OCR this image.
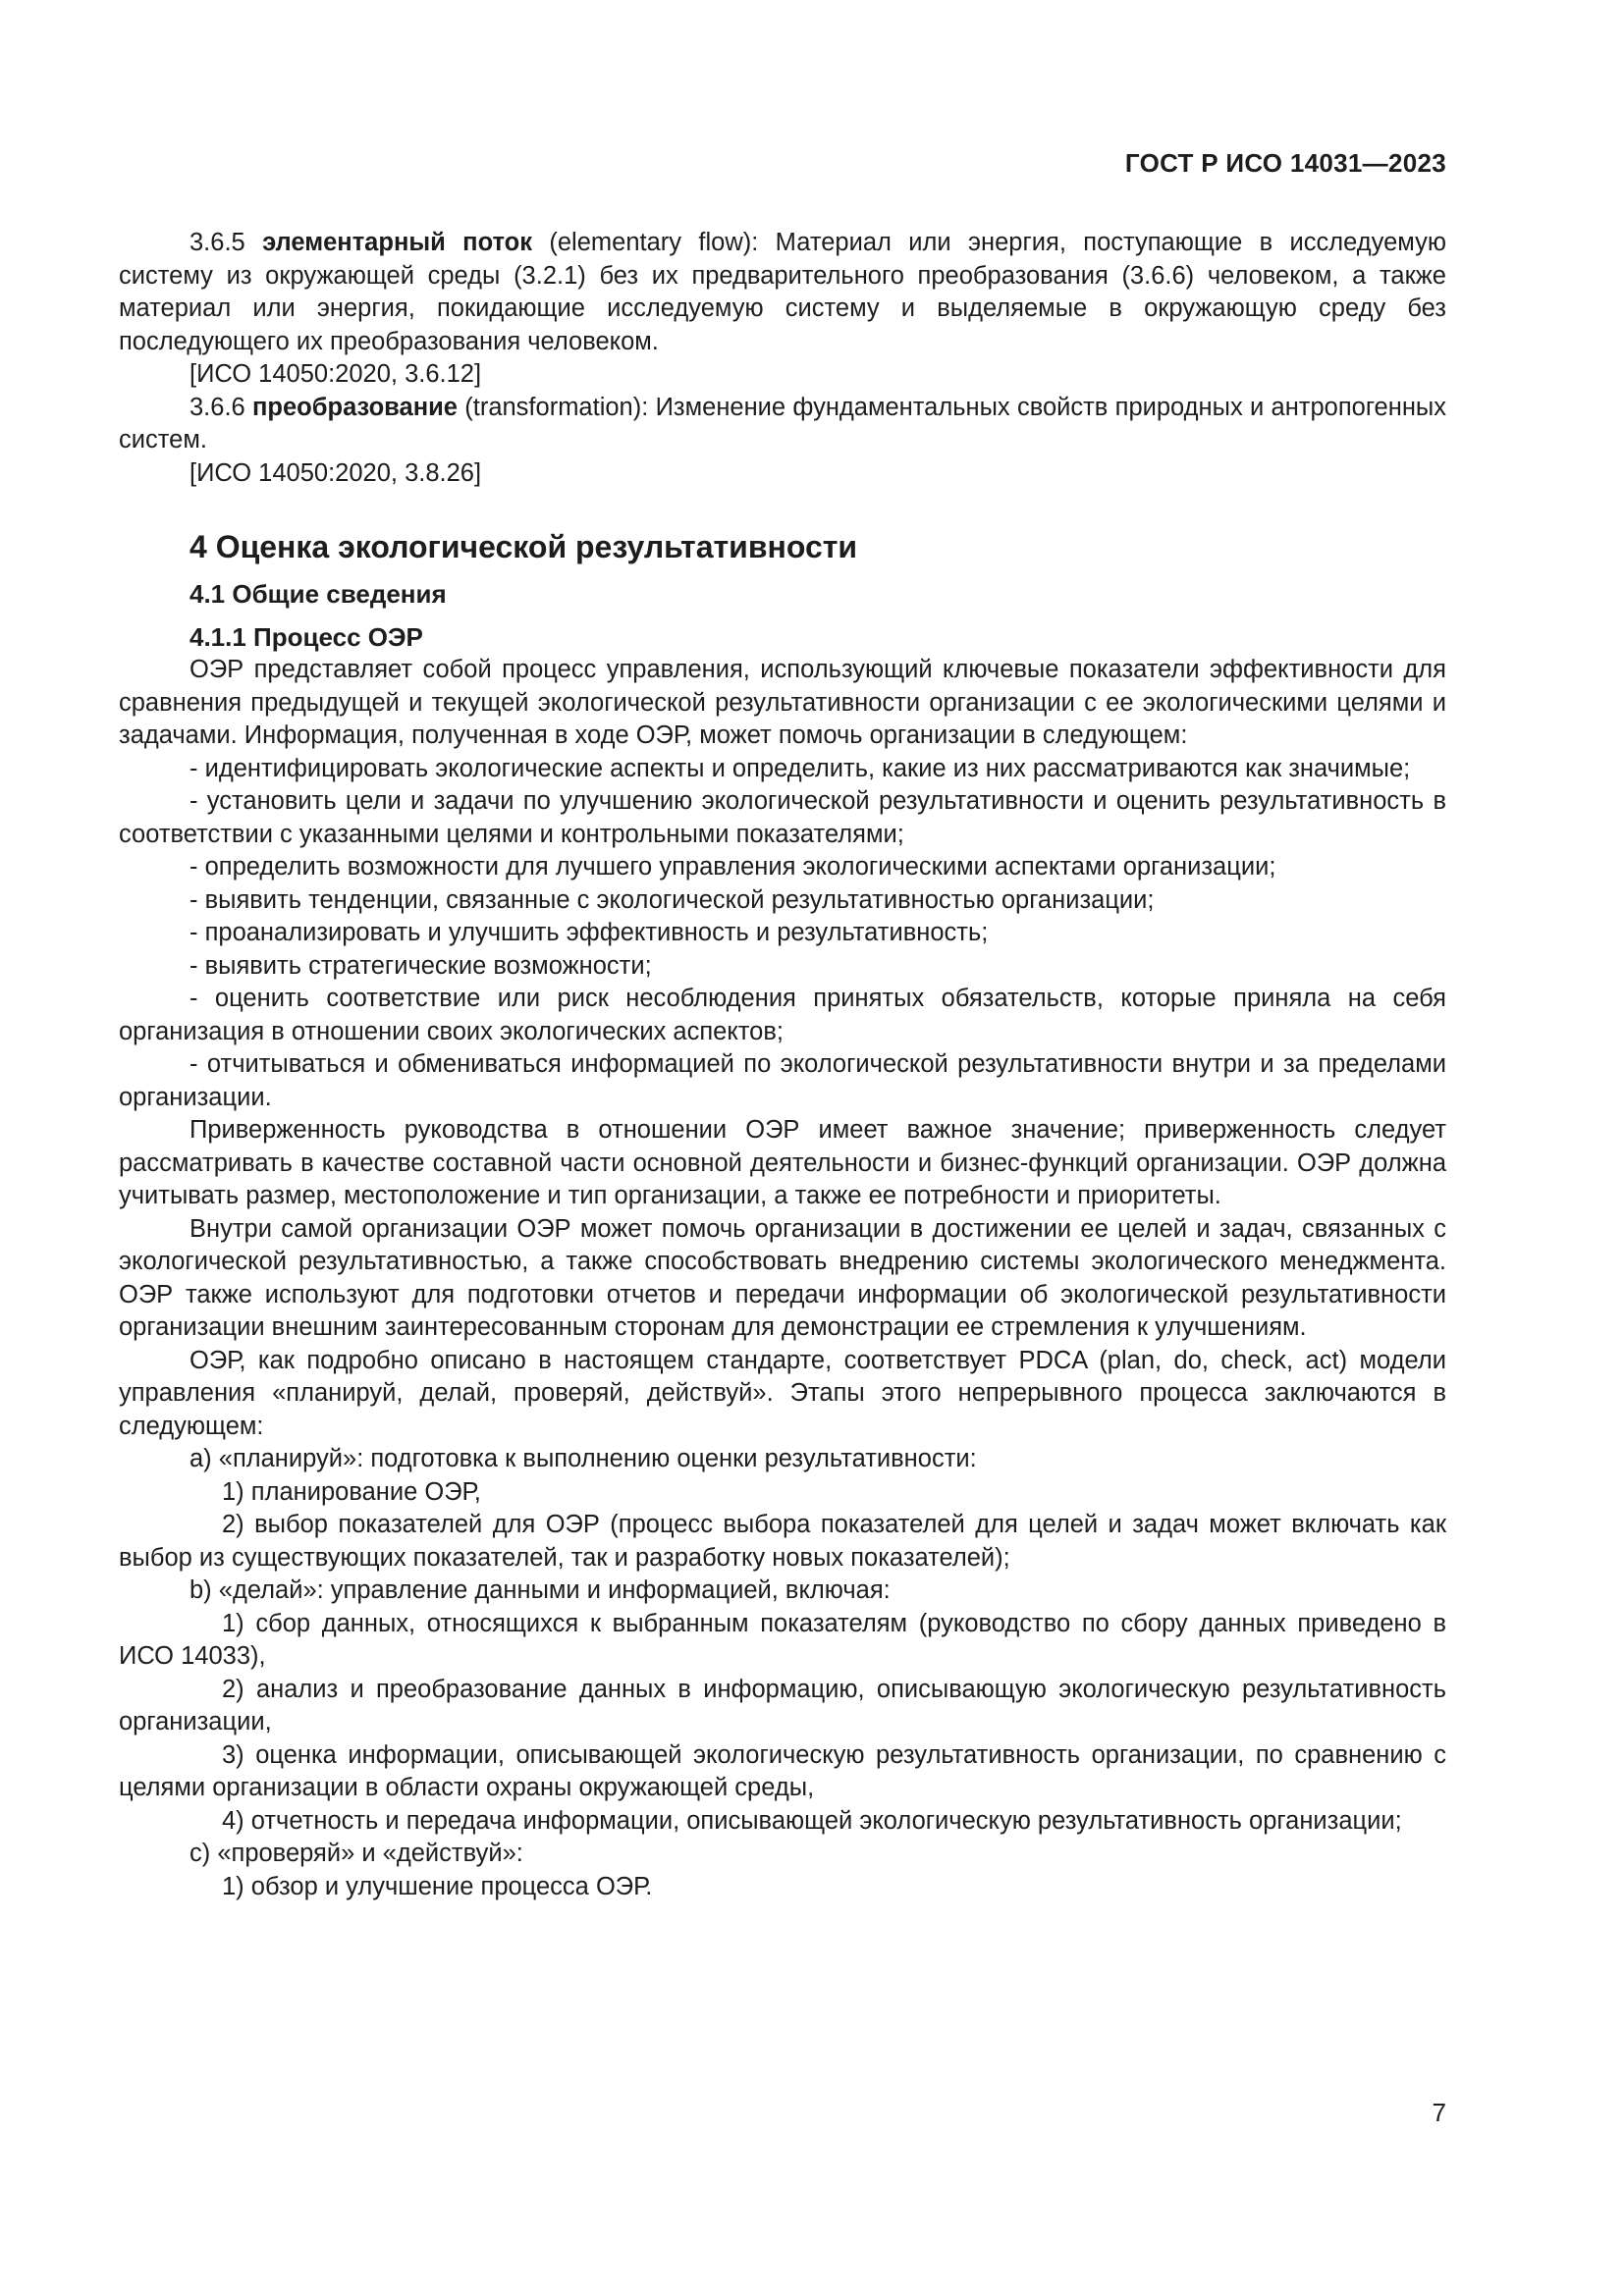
ГОСТ Р ИСО 14031—2023

3.6.5 элементарный поток (elementary flow): Материал или энергия, поступающие в исследуемую систему из окружающей среды (3.2.1) без их предварительного преобразования (3.6.6) человеком, а также материал или энергия, покидающие исследуемую систему и выделяемые в окружающую среду без последующего их преобразования человеком.

[ИСО 14050:2020, 3.6.12]

3.6.6 преобразование (transformation): Изменение фундаментальных свойств природных и антропогенных систем.

[ИСО 14050:2020, 3.8.26]

4 Оценка экологической результативности
4.1 Общие сведения
4.1.1 Процесс ОЭР

ОЭР представляет собой процесс управления, использующий ключевые показатели эффективности для сравнения предыдущей и текущей экологической результативности организации с ее экологическими целями и задачами. Информация, полученная в ходе ОЭР, может помочь организации в следующем:

- идентифицировать экологические аспекты и определить, какие из них рассматриваются как значимые;

- установить цели и задачи по улучшению экологической результативности и оценить результативность в соответствии с указанными целями и контрольными показателями;

- определить возможности для лучшего управления экологическими аспектами организации;

- выявить тенденции, связанные с экологической результативностью организации;

- проанализировать и улучшить эффективность и результативность;

- выявить стратегические возможности;

- оценить соответствие или риск несоблюдения принятых обязательств, которые приняла на себя организация в отношении своих экологических аспектов;

- отчитываться и обмениваться информацией по экологической результативности внутри и за пределами организации.

Приверженность руководства в отношении ОЭР имеет важное значение; приверженность следует рассматривать в качестве составной части основной деятельности и бизнес-функций организации. ОЭР должна учитывать размер, местоположение и тип организации, а также ее потребности и приоритеты.

Внутри самой организации ОЭР может помочь организации в достижении ее целей и задач, связанных с экологической результативностью, а также способствовать внедрению системы экологического менеджмента. ОЭР также используют для подготовки отчетов и передачи информации об экологической результативности организации внешним заинтересованным сторонам для демонстрации ее стремления к улучшениям.

ОЭР, как подробно описано в настоящем стандарте, соответствует PDCA (plan, do, check, act) модели управления «планируй, делай, проверяй, действуй». Этапы этого непрерывного процесса заключаются в следующем:

a) «планируй»: подготовка к выполнению оценки результативности:

1) планирование ОЭР,

2) выбор показателей для ОЭР (процесс выбора показателей для целей и задач может включать как выбор из существующих показателей, так и разработку новых показателей);

b) «делай»: управление данными и информацией, включая:

1) сбор данных, относящихся к выбранным показателям (руководство по сбору данных приведено в ИСО 14033),

2) анализ и преобразование данных в информацию, описывающую экологическую результативность организации,

3) оценка информации, описывающей экологическую результативность организации, по сравнению с целями организации в области охраны окружающей среды,

4) отчетность и передача информации, описывающей экологическую результативность организации;

c) «проверяй» и «действуй»:

1) обзор и улучшение процесса ОЭР.

7
